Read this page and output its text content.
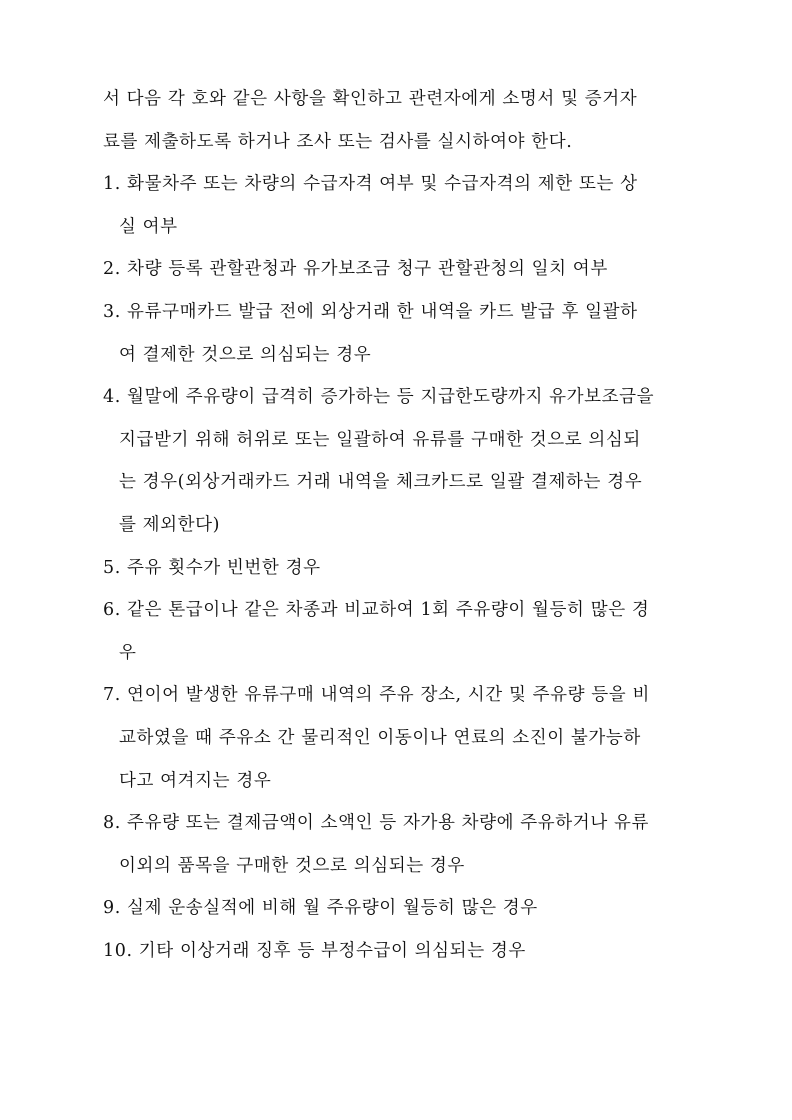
서 다음 각 호와 같은 사항을 확인하고 관련자에게 소명서 및 증거자
료를 제출하도록 하거나 조사 또는 검사를 실시하여야 한다.
1. 화물차주 또는 차량의 수급자격 여부 및 수급자격의 제한 또는 상
실 여부
2. 차량 등록 관할관청과 유가보조금 청구 관할관청의 일치 여부
3. 유류구매카드 발급 전에 외상거래 한 내역을 카드 발급 후 일괄하
여 결제한 것으로 의심되는 경우
4. 월말에 주유량이 급격히 증가하는 등 지급한도량까지 유가보조금을
지급받기 위해 허위로 또는 일괄하여 유류를 구매한 것으로 의심되
는 경우(외상거래카드 거래 내역을 체크카드로 일괄 결제하는 경우
를 제외한다)
5. 주유 횟수가 빈번한 경우
6. 같은 톤급이나 같은 차종과 비교하여 1회 주유량이 월등히 많은 경
우
7. 연이어 발생한 유류구매 내역의 주유 장소, 시간 및 주유량 등을 비
교하였을 때 주유소 간 물리적인 이동이나 연료의 소진이 불가능하
다고 여겨지는 경우
8. 주유량 또는 결제금액이 소액인 등 자가용 차량에 주유하거나 유류
이외의 품목을 구매한 것으로 의심되는 경우
9. 실제 운송실적에 비해 월 주유량이 월등히 많은 경우
10. 기타 이상거래 징후 등 부정수급이 의심되는 경우
